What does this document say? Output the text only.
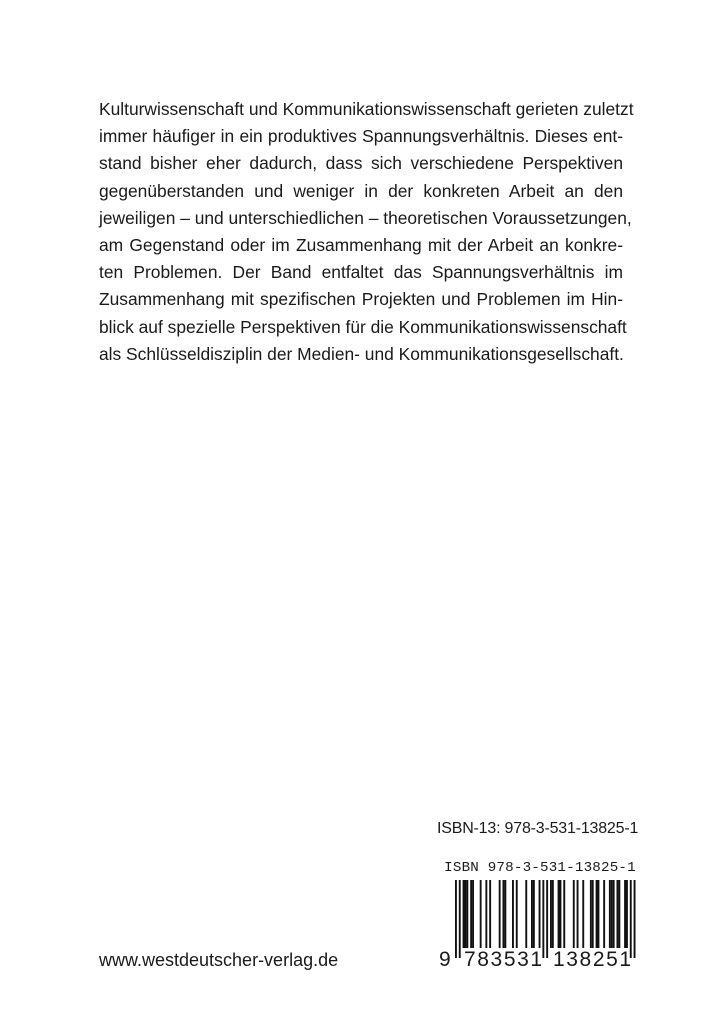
Kulturwissenschaft und Kommunikationswissenschaft gerieten zuletzt
immer häufiger in ein produktives Spannungsverhältnis. Dieses ent-
stand bisher eher dadurch, dass sich verschiedene Perspektiven
gegenüberstanden und weniger in der konkreten Arbeit an den
jeweiligen – und unterschiedlichen – theoretischen Voraussetzungen,
am Gegenstand oder im Zusammenhang mit der Arbeit an konkre-
ten Problemen. Der Band entfaltet das Spannungsverhältnis im
Zusammenhang mit spezifischen Projekten und Problemen im Hin-
blick auf spezielle Perspektiven für die Kommunikationswissenschaft
als Schlüsseldisziplin der Medien- und Kommunikationsgesellschaft.
ISBN-13: 978-3-531-13825-1
ISBN 978-3-531-13825-1
9 783531 138251
www.westdeutscher-verlag.de
